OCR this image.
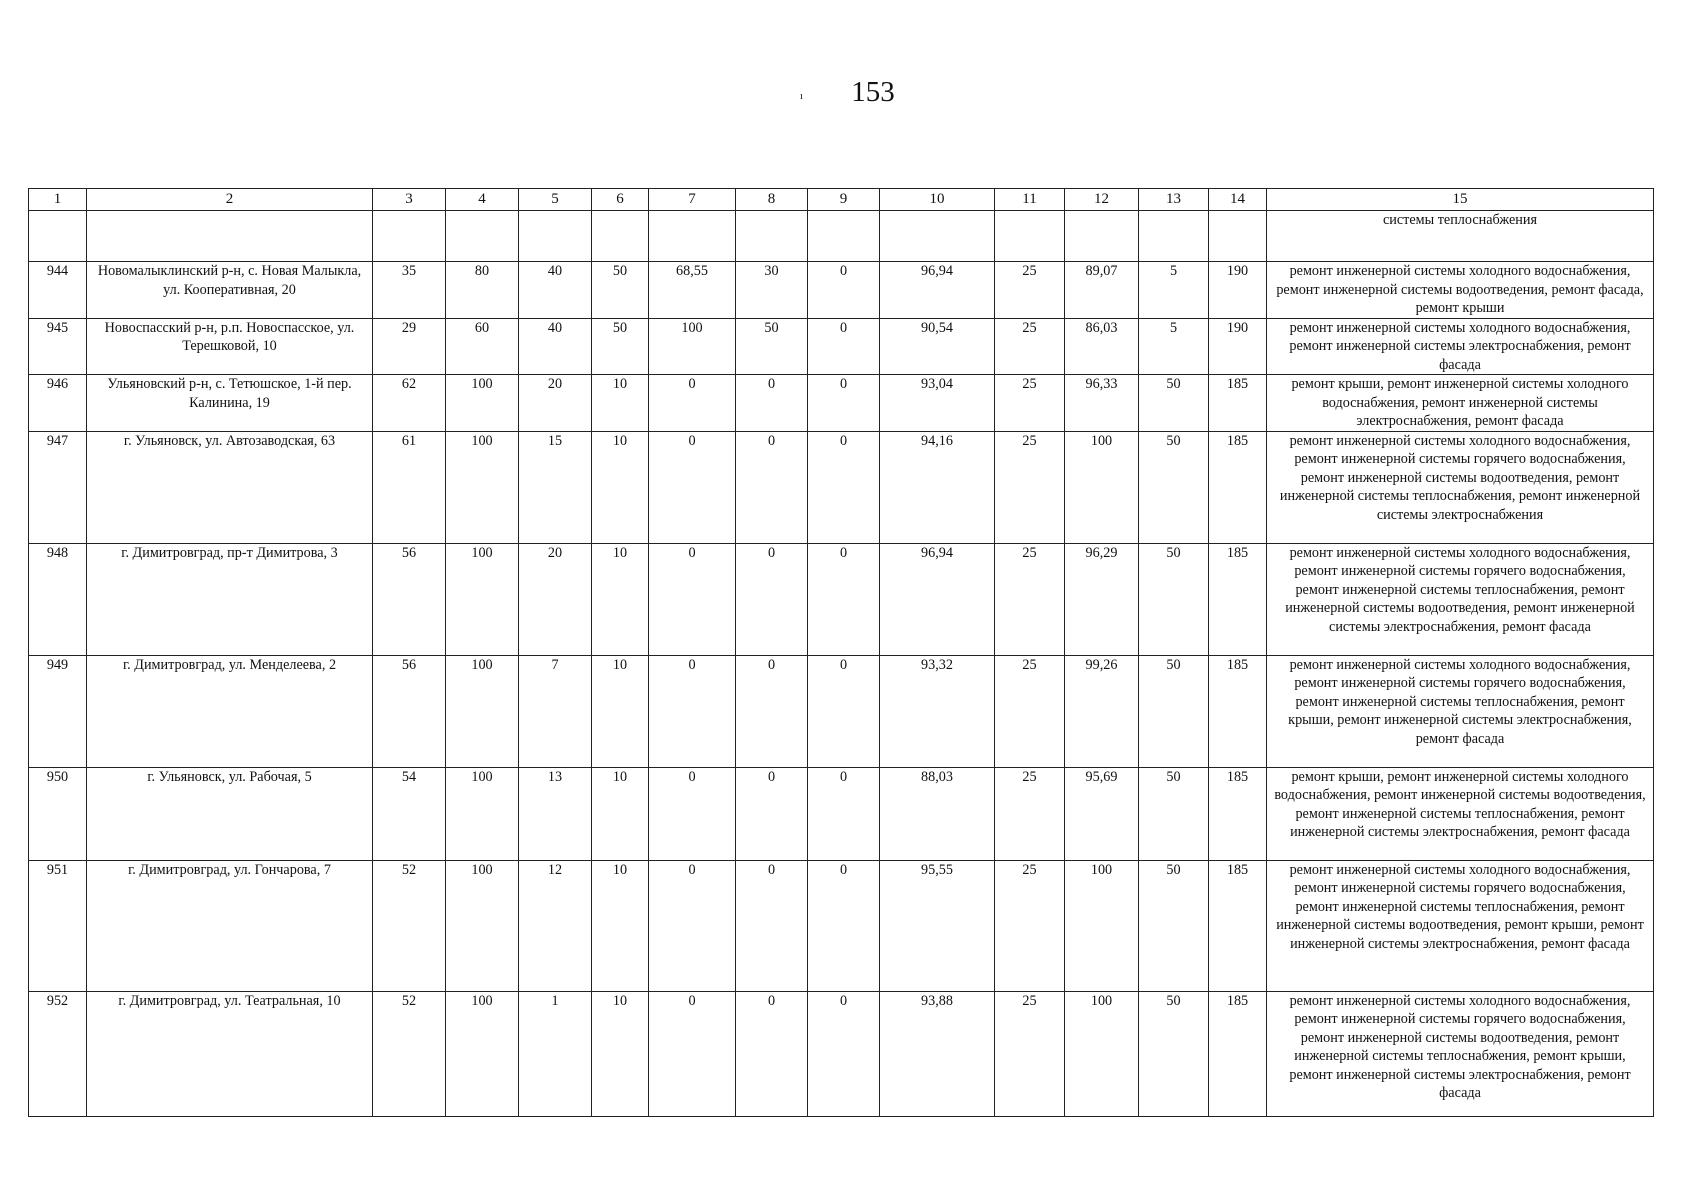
ı	153
1	2	3	4	5	6	7	8	9	10	11	12	13	14	15
														системы теплоснабжения
944	Новомалыклинский р-н, с. Новая Малыкла, ул. Кооперативная, 20	35	80	40	50	68,55	30	0	96,94	25	89,07	5	190	ремонт инженерной системы холодного водоснабжения, ремонт инженерной системы водоотведения, ремонт фасада, ремонт крыши
945	Новоспасский р-н, р.п. Новоспасское, ул. Терешковой, 10	29	60	40	50	100	50	0	90,54	25	86,03	5	190	ремонт инженерной системы холодного водоснабжения, ремонт инженерной системы электроснабжения, ремонт фасада
946	Ульяновский р-н, с. Тетюшское, 1-й пер. Калинина, 19	62	100	20	10	0	0	0	93,04	25	96,33	50	185	ремонт крыши, ремонт инженерной системы холодного водоснабжения, ремонт инженерной системы электроснабжения, ремонт фасада
947	г. Ульяновск, ул. Автозаводская, 63	61	100	15	10	0	0	0	94,16	25	100	50	185	ремонт инженерной системы холодного водоснабжения, ремонт инженерной системы горячего водоснабжения, ремонт инженерной системы водоотведения, ремонт инженерной системы теплоснабжения, ремонт инженерной системы электроснабжения
948	г. Димитровград, пр-т Димитрова, 3	56	100	20	10	0	0	0	96,94	25	96,29	50	185	ремонт инженерной системы холодного водоснабжения, ремонт инженерной системы горячего водоснабжения, ремонт инженерной системы теплоснабжения, ремонт инженерной системы водоотведения, ремонт инженерной системы электроснабжения, ремонт фасада
949	г. Димитровград, ул. Менделеева, 2	56	100	7	10	0	0	0	93,32	25	99,26	50	185	ремонт инженерной системы холодного водоснабжения, ремонт инженерной системы горячего водоснабжения, ремонт инженерной системы теплоснабжения, ремонт крыши, ремонт инженерной системы электроснабжения, ремонт фасада
950	г. Ульяновск, ул. Рабочая, 5	54	100	13	10	0	0	0	88,03	25	95,69	50	185	ремонт крыши, ремонт инженерной системы холодного водоснабжения, ремонт инженерной системы водоотведения, ремонт инженерной системы теплоснабжения, ремонт инженерной системы электроснабжения, ремонт фасада
951	г. Димитровград, ул. Гончарова, 7	52	100	12	10	0	0	0	95,55	25	100	50	185	ремонт инженерной системы холодного водоснабжения, ремонт инженерной системы горячего водоснабжения, ремонт инженерной системы теплоснабжения, ремонт инженерной системы водоотведения, ремонт крыши, ремонт инженерной системы электроснабжения, ремонт фасада
952	г. Димитровград, ул. Театральная, 10	52	100	1	10	0	0	0	93,88	25	100	50	185	ремонт инженерной системы холодного водоснабжения, ремонт инженерной системы горячего водоснабжения, ремонт инженерной системы водоотведения, ремонт инженерной системы теплоснабжения, ремонт крыши, ремонт инженерной системы электроснабжения, ремонт фасада
